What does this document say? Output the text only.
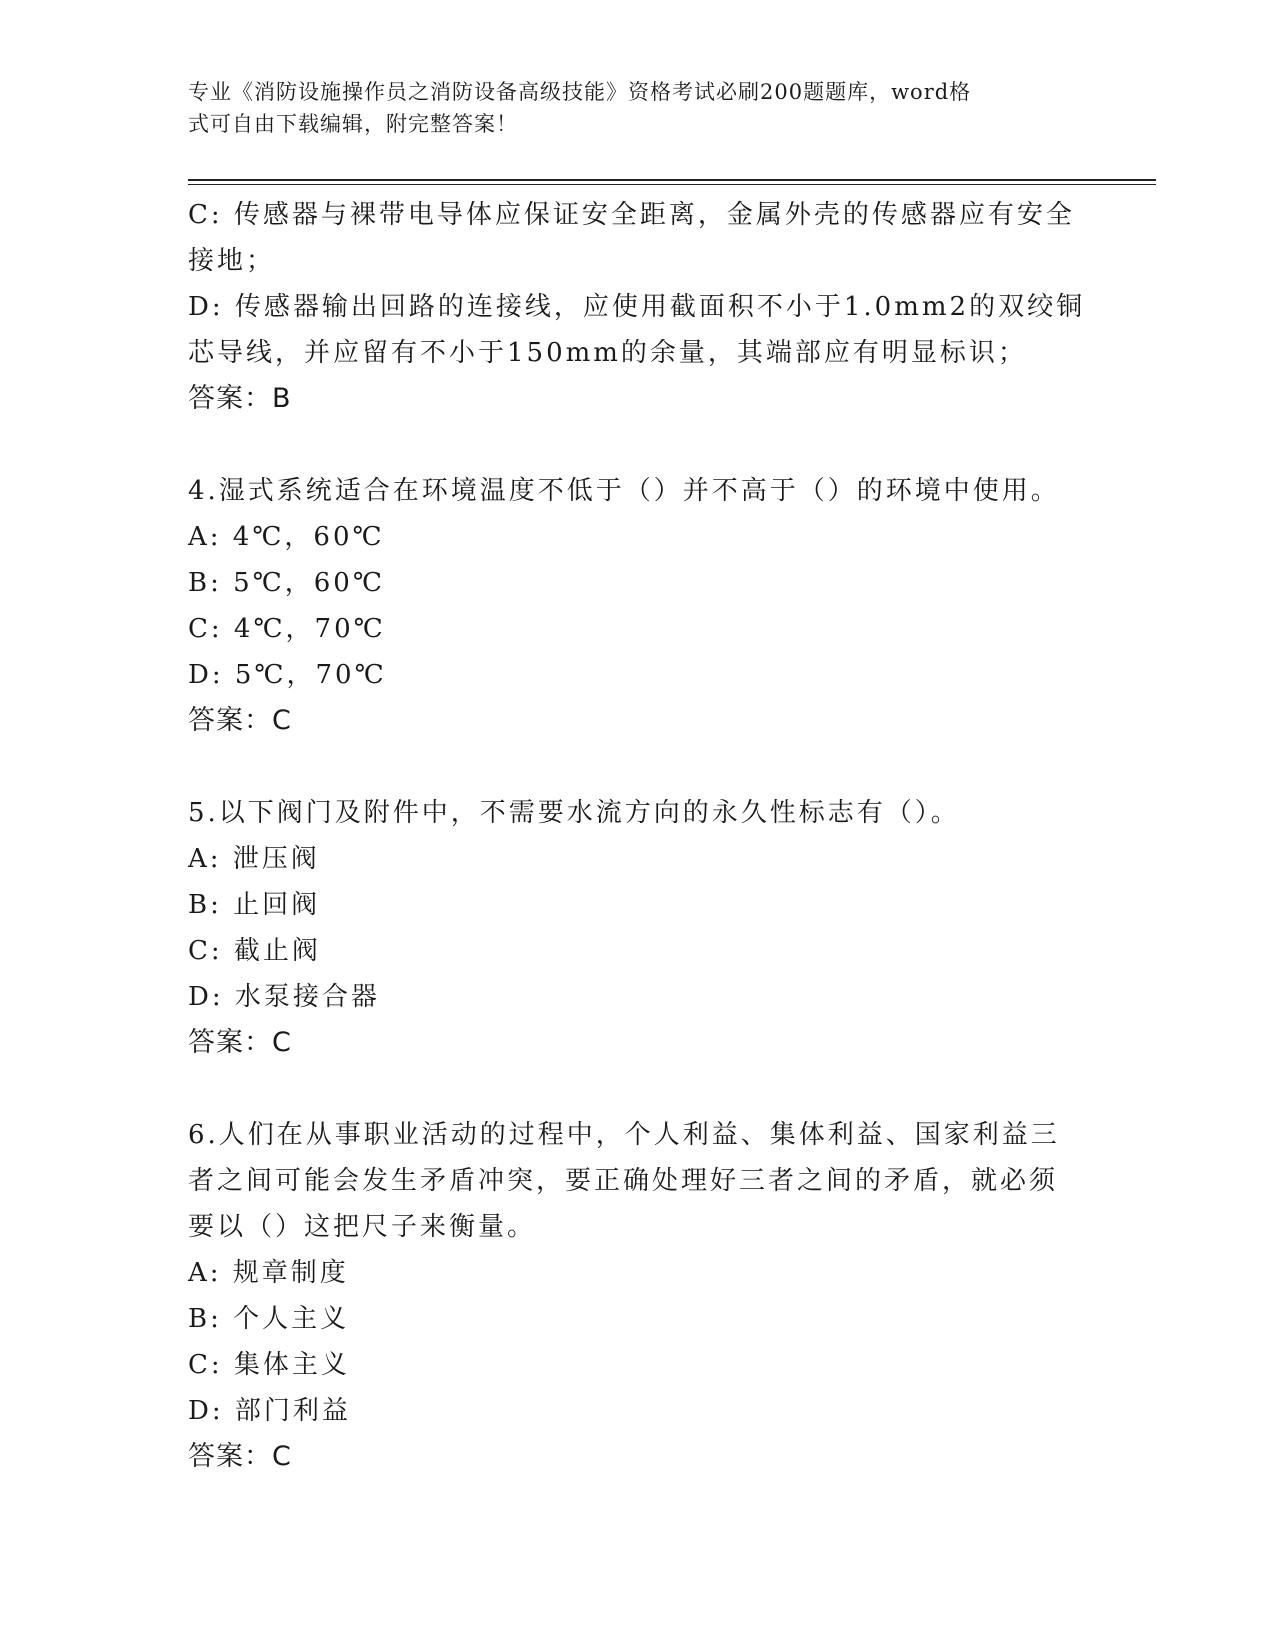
专业《消防设施操作员之消防设备高级技能》资格考试必刷200题题库，word格
式可自由下载编辑，附完整答案！
C: 传感器与裸带电导体应保证安全距离，金属外壳的传感器应有安全
接地；
D: 传感器输出回路的连接线，应使用截面积不小于1.0mm2的双绞铜
芯导线，并应留有不小于150mm的余量，其端部应有明显标识；
答案：B
4.湿式系统适合在环境温度不低于（）并不高于（）的环境中使用。
A: 4℃，60℃
B: 5℃，60℃
C: 4℃，70℃
D: 5℃，70℃
答案：C
5.以下阀门及附件中，不需要水流方向的永久性标志有（）。
A: 泄压阀
B: 止回阀
C: 截止阀
D: 水泵接合器
答案：C
6.人们在从事职业活动的过程中，个人利益、集体利益、国家利益三
者之间可能会发生矛盾冲突，要正确处理好三者之间的矛盾，就必须
要以（）这把尺子来衡量。
A: 规章制度
B: 个人主义
C: 集体主义
D: 部门利益
答案：C
